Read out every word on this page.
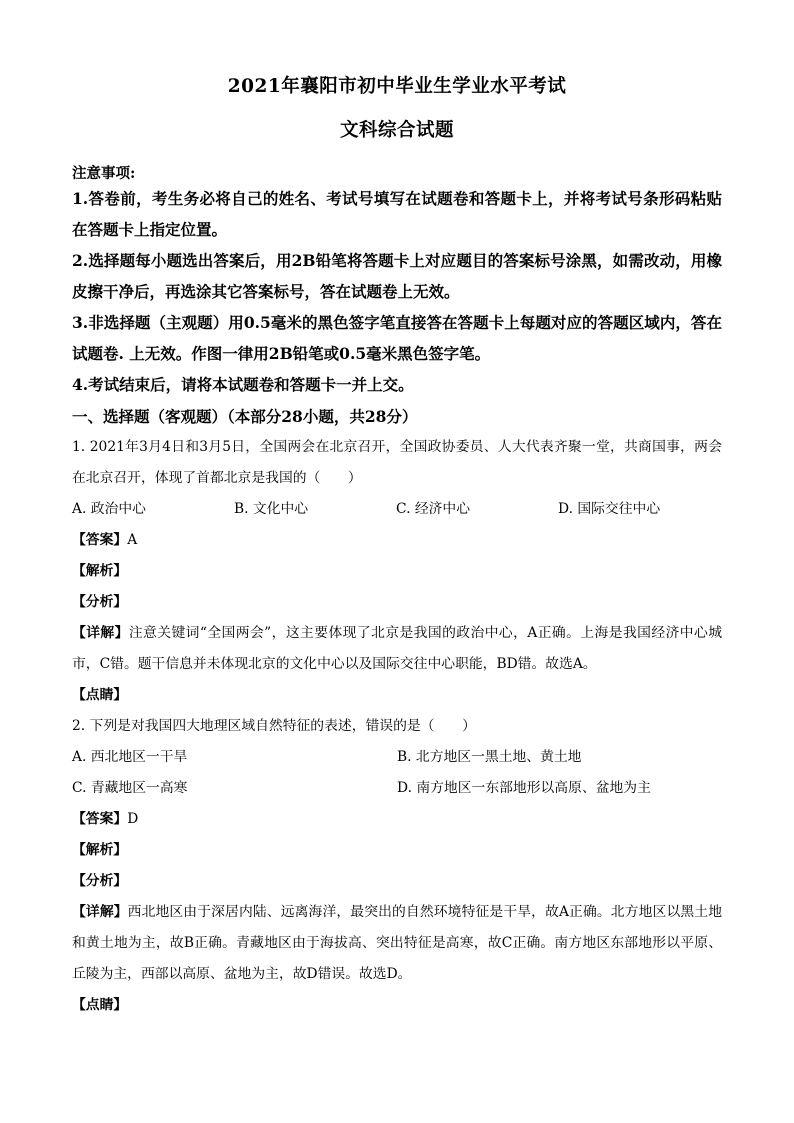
2021年襄阳市初中毕业生学业水平考试
文科综合试题
注意事项:

1.答卷前，考生务必将自己的姓名、考试号填写在试题卷和答题卡上，并将考试号条形码粘贴在答题卡上指定位置。

2.选择题每小题选出答案后，用2B铅笔将答题卡上对应题目的答案标号涂黑，如需改动，用橡皮擦干净后，再选涂其它答案标号，答在试题卷上无效。

3.非选择题（主观题）用0.5毫米的黑色签字笔直接答在答题卡上每题对应的答题区域内，答在试题卷. 上无效。作图一律用2B铅笔或0.5毫米黑色签字笔。

4.考试结束后，请将本试题卷和答题卡一并上交。

一、选择题（客观题）（本部分28小题，共28分）

1. 2021年3月4日和3月5日，全国两会在北京召开，全国政协委员、人大代表齐聚一堂，共商国事，两会在北京召开，体现了首都北京是我国的（　　）

A. 政治中心	B. 文化中心	C. 经济中心	D. 国际交往中心
【答案】A
【解析】
【分析】
【详解】注意关键词“全国两会”，这主要体现了北京是我国的政治中心，A正确。上海是我国经济中心城市，C错。题干信息并未体现北京的文化中心以及国际交往中心职能，BD错。故选A。
【点睛】

2. 下列是对我国四大地理区域自然特征的表述，错误的是（　　）

A. 西北地区一干旱	B. 北方地区一黑土地、黄土地
C. 青藏地区一高寒	D. 南方地区一东部地形以高原、盆地为主
【答案】D
【解析】
【分析】
【详解】西北地区由于深居内陆、远离海洋，最突出的自然环境特征是干旱，故A正确。北方地区以黑土地和黄土地为主，故B正确。青藏地区由于海拔高、突出特征是高寒，故C正确。南方地区东部地形以平原、丘陵为主，西部以高原、盆地为主，故D错误。故选D。
【点睛】
